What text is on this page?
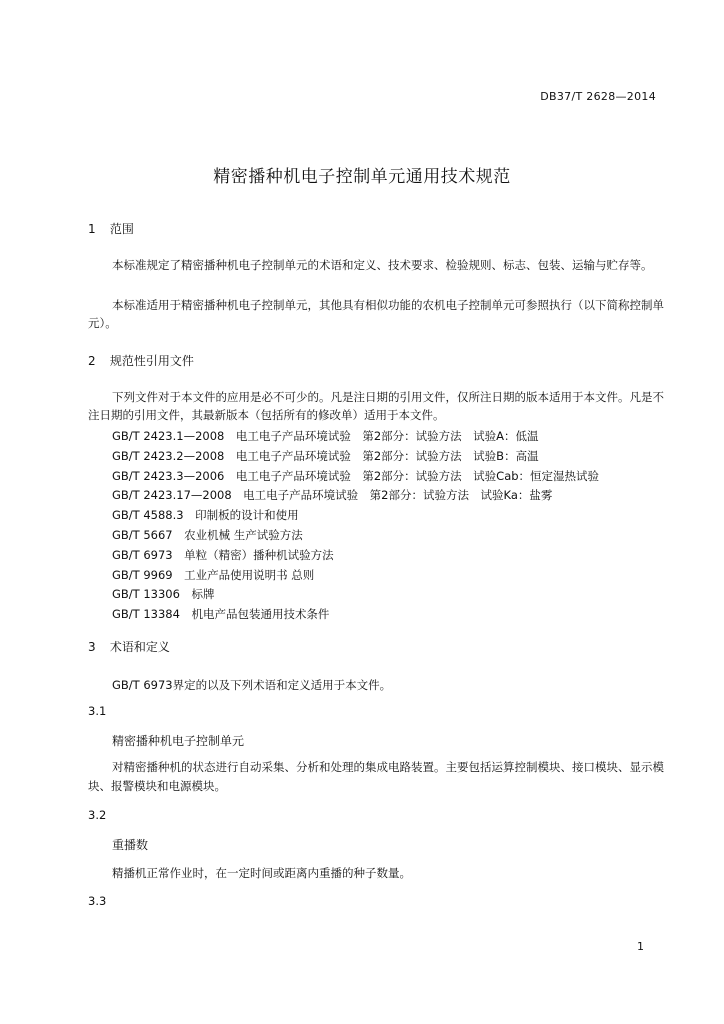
DB37/T 2628—2014
精密播种机电子控制单元通用技术规范
1 范围

本标准规定了精密播种机电子控制单元的术语和定义、技术要求、检验规则、标志、包装、运输与贮存等。

本标准适用于精密播种机电子控制单元，其他具有相似功能的农机电子控制单元可参照执行（以下简称控制单元）。

2 规范性引用文件

下列文件对于本文件的应用是必不可少的。凡是注日期的引用文件，仅所注日期的版本适用于本文件。凡是不注日期的引用文件，其最新版本（包括所有的修改单）适用于本文件。

GB/T 2423.1—2008　电工电子产品环境试验　第2部分：试验方法　试验A：低温
GB/T 2423.2—2008　电工电子产品环境试验　第2部分：试验方法　试验B：高温
GB/T 2423.3—2006　电工电子产品环境试验　第2部分：试验方法　试验Cab：恒定湿热试验
GB/T 2423.17—2008　电工电子产品环境试验　第2部分：试验方法　试验Ka：盐雾
GB/T 4588.3　印制板的设计和使用
GB/T 5667　农业机械 生产试验方法
GB/T 6973　单粒（精密）播种机试验方法
GB/T 9969　工业产品使用说明书 总则
GB/T 13306　标牌
GB/T 13384　机电产品包装通用技术条件
3 术语和定义

GB/T 6973界定的以及下列术语和定义适用于本文件。

3.1
精密播种机电子控制单元

对精密播种机的状态进行自动采集、分析和处理的集成电路装置。主要包括运算控制模块、接口模块、显示模块、报警模块和电源模块。

3.2
重播数

精播机正常作业时，在一定时间或距离内重播的种子数量。

3.3
1
